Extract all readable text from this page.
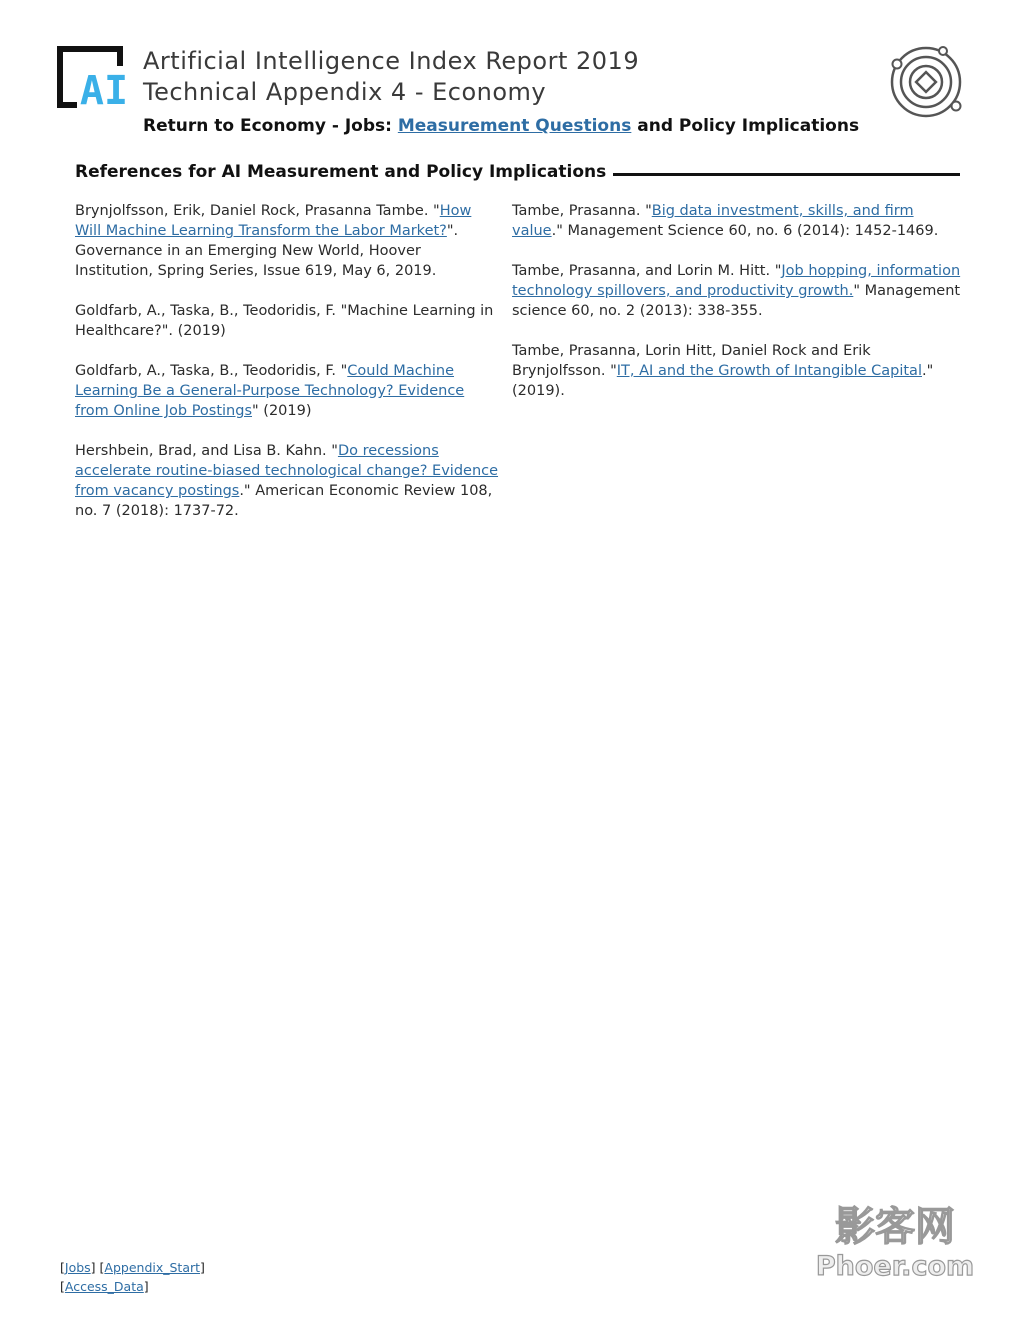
AI
Artificial Intelligence Index Report 2019
Technical Appendix 4 - Economy
Return to Economy - Jobs: Measurement Questions and Policy Implications
References for AI Measurement and Policy Implications

Brynjolfsson, Erik, Daniel Rock, Prasanna Tambe. "How Will Machine Learning Transform the Labor Market?". Governance in an Emerging New World, Hoover Institution, Spring Series, Issue 619, May 6, 2019.

Goldfarb, A., Taska, B., Teodoridis, F. "Machine Learning in Healthcare?". (2019)

Goldfarb, A., Taska, B., Teodoridis, F. "Could Machine Learning Be a General-Purpose Technology? Evidence from Online Job Postings" (2019)

Hershbein, Brad, and Lisa B. Kahn. "Do recessions accelerate routine-biased technological change? Evidence from vacancy postings." American Economic Review 108, no. 7 (2018): 1737-72.

Tambe, Prasanna. "Big data investment, skills, and firm value." Management Science 60, no. 6 (2014): 1452-1469.

Tambe, Prasanna, and Lorin M. Hitt. "Job hopping, information technology spillovers, and productivity growth." Management science 60, no. 2 (2013): 338-355.

Tambe, Prasanna, Lorin Hitt, Daniel Rock and Erik Brynjolfsson. "IT, AI and the Growth of Intangible Capital." (2019).

影客网
Phoer.com
[Jobs] [Appendix_Start]
[Access_Data]
